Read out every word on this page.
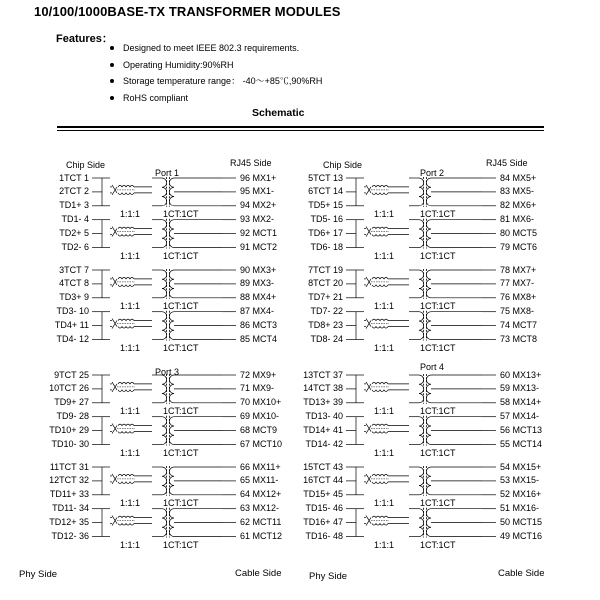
10/100/1000BASE-TX TRANSFORMER MODULES
Features：
Designed to meet IEEE 802.3 requirements.
Operating Humidity:90%RH
Storage temperature range： -40～+85℃,90%RH
RoHS compliant
Schematic
Chip Side	RJ45 Side	Chip Side	RJ45 Side
Phy Side	Cable Side	Phy Side	Cable Side
Port 1
1TCT 1
2TCT 2
TD1+ 3
TD1- 4
TD2+ 5
TD2- 6
96 MX1+
95 MX1-
94 MX2+
93 MX2-
92 MCT1
91 MCT2
1:1:1	1CT:1CT
1:1:1	1CT:1CT
3TCT 7
4TCT 8
TD3+ 9
TD3- 10
TD4+ 11
TD4- 12
90 MX3+
89 MX3-
88 MX4+
87 MX4-
86 MCT3
85 MCT4
1:1:1	1CT:1CT
1:1:1	1CT:1CT
Port 2
5TCT 13
6TCT 14
TD5+ 15
TD5- 16
TD6+ 17
TD6- 18
84 MX5+
83 MX5-
82 MX6+
81 MX6-
80 MCT5
79 MCT6
1:1:1	1CT:1CT
1:1:1	1CT:1CT
7TCT 19
8TCT 20
TD7+ 21
TD7- 22
TD8+ 23
TD8- 24
78 MX7+
77 MX7-
76 MX8+
75 MX8-
74 MCT7
73 MCT8
1:1:1	1CT:1CT
1:1:1	1CT:1CT
Port 3
9TCT 25
10TCT 26
TD9+ 27
TD9- 28
TD10+ 29
TD10- 30
72 MX9+
71 MX9-
70 MX10+
69 MX10-
68 MCT9
67 MCT10
1:1:1	1CT:1CT
1:1:1	1CT:1CT
11TCT 31
12TCT 32
TD11+ 33
TD11- 34
TD12+ 35
TD12- 36
66 MX11+
65 MX11-
64 MX12+
63 MX12-
62 MCT11
61 MCT12
1:1:1	1CT:1CT
1:1:1	1CT:1CT
Port 4
13TCT 37
14TCT 38
TD13+ 39
TD13- 40
TD14+ 41
TD14- 42
60 MX13+
59 MX13-
58 MX14+
57 MX14-
56 MCT13
55 MCT14
1:1:1	1CT:1CT
1:1:1	1CT:1CT
15TCT 43
16TCT 44
TD15+ 45
TD15- 46
TD16+ 47
TD16- 48
54 MX15+
53 MX15-
52 MX16+
51 MX16-
50 MCT15
49 MCT16
1:1:1	1CT:1CT
1:1:1	1CT:1CT
